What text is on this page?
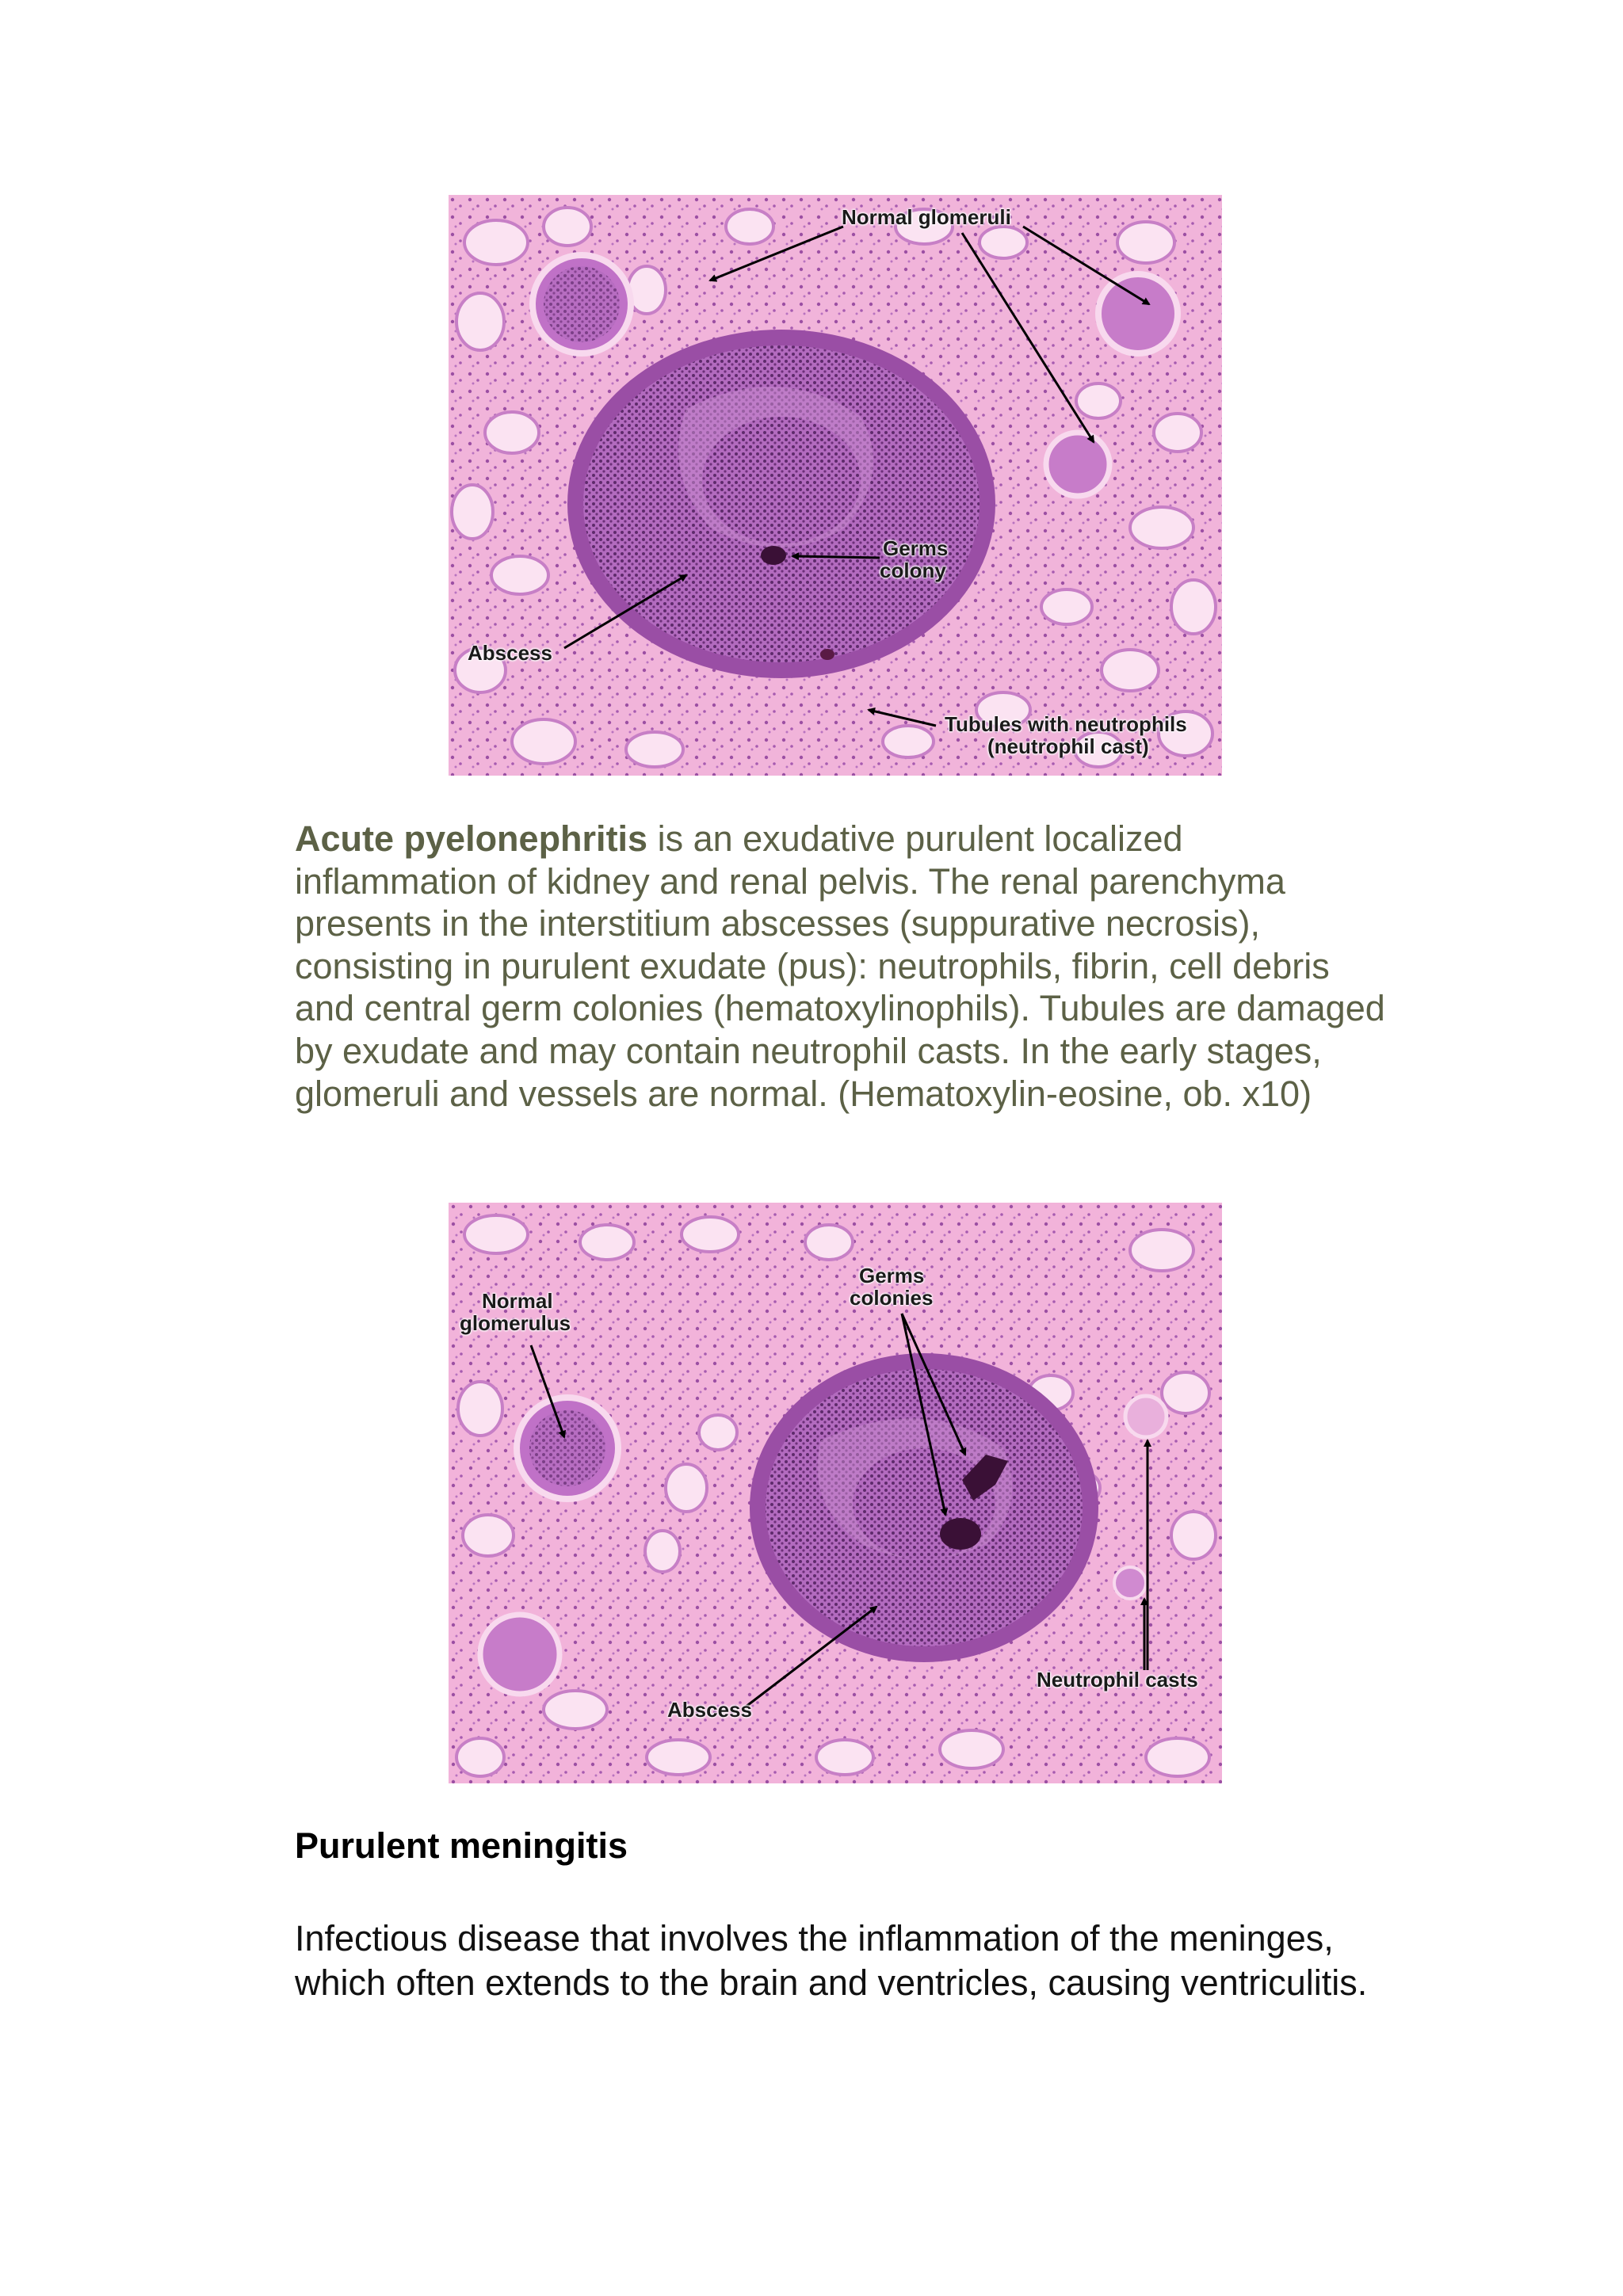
Normal glomeruli
Germs
colony
Abscess
Tubules with neutrophils
(neutrophil cast)
Acute pyelonephritis is an exudative purulent localized inflammation of kidney and renal pelvis. The renal parenchyma presents in the interstitium abscesses (suppurative necrosis), consisting in purulent exudate (pus): neutrophils, fibrin, cell debris and central germ colonies (hematoxylinophils). Tubules are damaged by exudate and may contain neutrophil casts. In the early stages, glomeruli and vessels are normal. (Hematoxylin-eosine, ob. x10)
Normal
glomerulus
Germs
colonies
Abscess
Neutrophil casts
Purulent meningitis
Infectious disease that involves the inflammation of the meninges, which often extends to the brain and ventricles, causing ventriculitis.
